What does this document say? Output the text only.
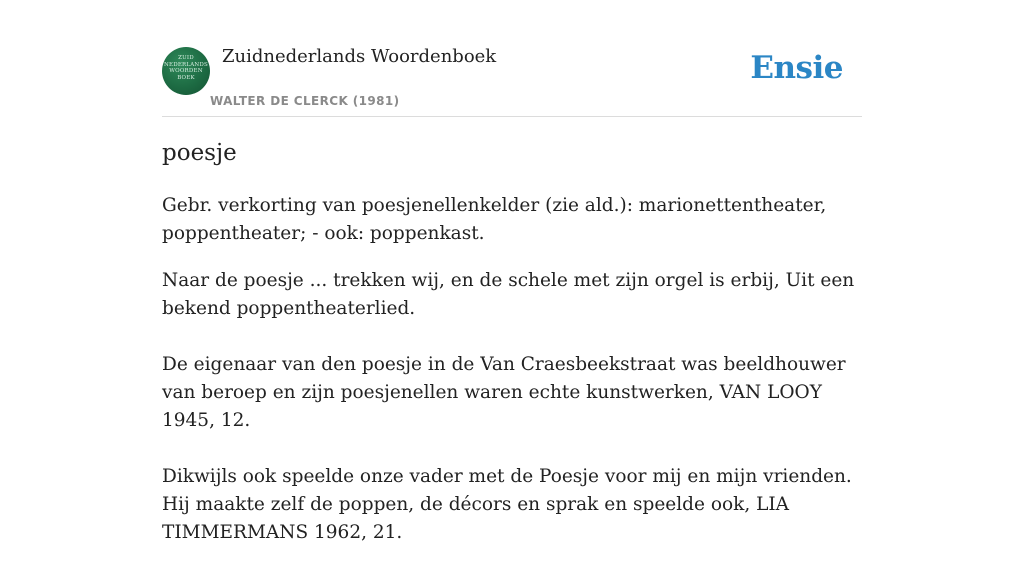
ZUID
NEDERLANDS
WOORDEN
BOEK
Zuidnederlands Woordenboek
WALTER DE CLERCK (1981)
Ensie
poesje

Gebr. verkorting van poesjenellenkelder (zie ald.): marionettentheater, poppentheater; - ook: poppenkast.

Naar de poesje ... trekken wij, en de schele met zijn orgel is erbij, Uit een bekend poppentheaterlied.

De eigenaar van den poesje in de Van Craesbeekstraat was beeldhouwer van beroep en zijn poesjenellen waren echte kunstwerken, VAN LOOY 1945, 12.

Dikwijls ook speelde onze vader met de Poesje voor mij en mijn vrienden. Hij maakte zelf de poppen, de décors en sprak en speelde ook, LIA TIMMERMANS 1962, 21.
